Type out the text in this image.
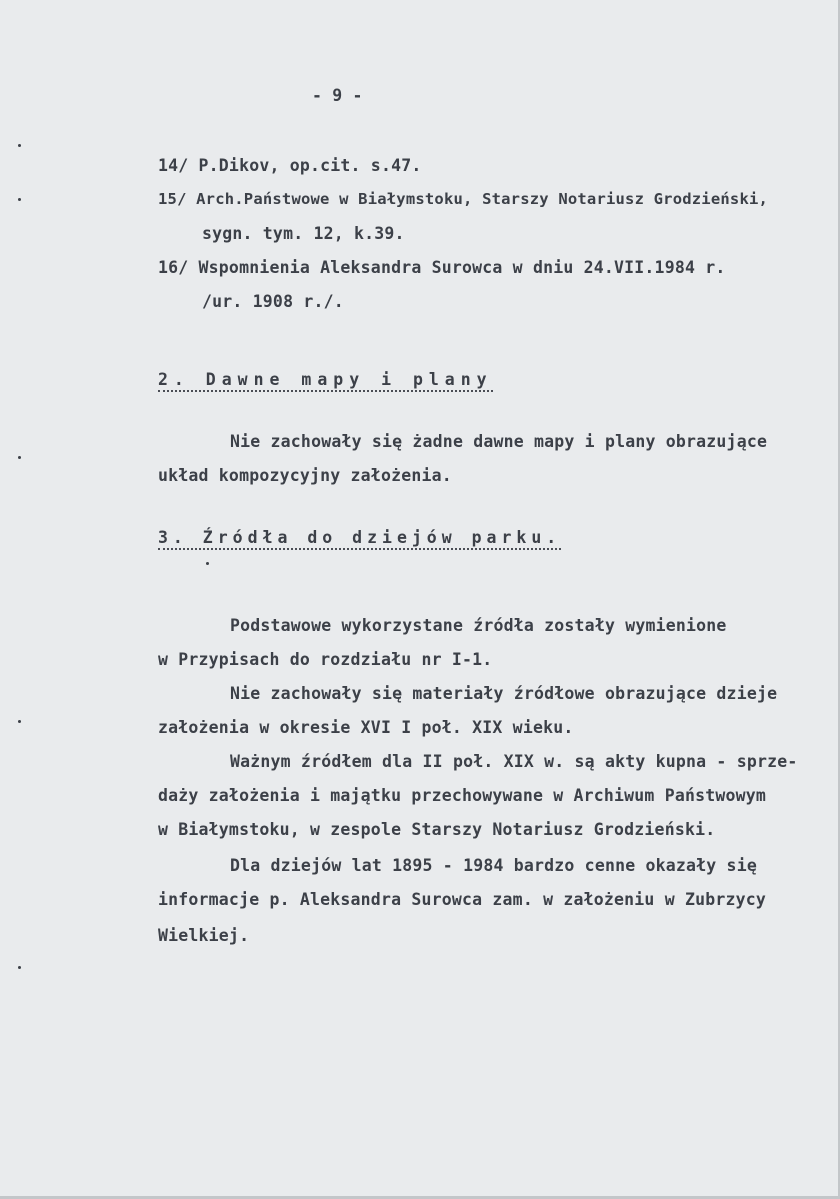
- 9 -
14/ P.Dikov, op.cit. s.47.
15/ Arch.Państwowe w Białymstoku, Starszy Notariusz Grodzieński,
sygn. tym. 12, k.39.
16/ Wspomnienia Aleksandra Surowca w dniu 24.VII.1984 r.
/ur. 1908 r./.
2. Dawne mapy i plany
Nie zachowały się żadne dawne mapy i plany obrazujące
układ kompozycyjny założenia.
3. Źródła do dziejów parku.
Podstawowe wykorzystane źródła zostały wymienione
w Przypisach do rozdziału nr I-1.
Nie zachowały się materiały źródłowe obrazujące dzieje
założenia w okresie XVI I poł. XIX wieku.
Ważnym źródłem dla II poł. XIX w. są akty kupna - sprze-
daży założenia i majątku przechowywane w Archiwum Państwowym
w Białymstoku, w zespole Starszy Notariusz Grodzieński.
Dla dziejów lat 1895 - 1984 bardzo cenne okazały się
informacje p. Aleksandra Surowca zam. w założeniu w Zubrzycy
Wielkiej.
